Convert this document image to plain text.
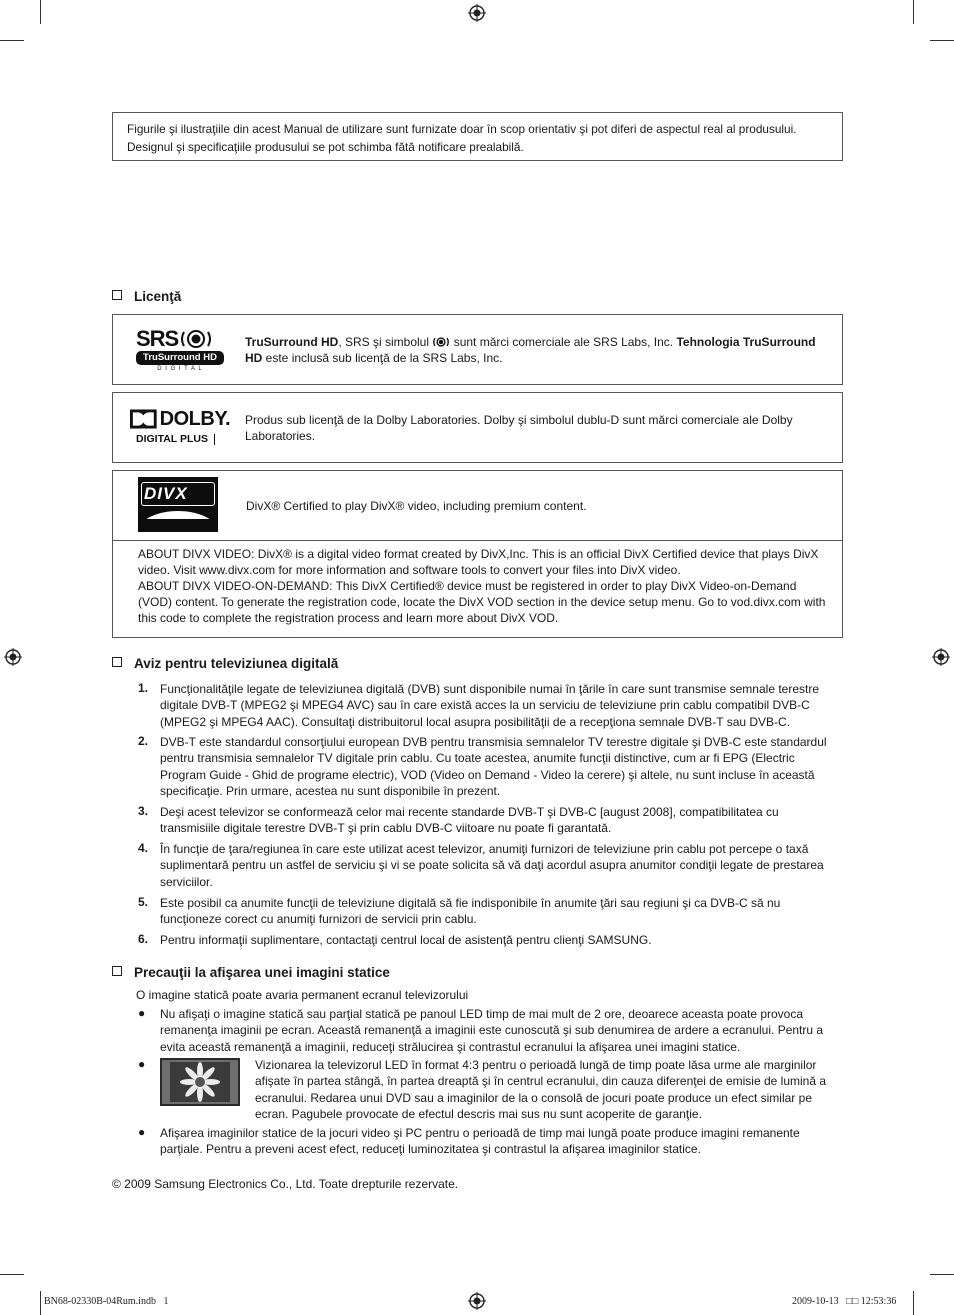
Figurile şi ilustraţiile din acest Manual de utilizare sunt furnizate doar în scop orientativ şi pot diferi de aspectul real al produsului.
Designul şi specificaţiile produsului se pot schimba fătă notificare prealabilă.
Licenţă
SRS
TruSurround HD
D I G I T A L
TruSurround HD, SRS şi simbolul  sunt mărci comerciale ale SRS Labs, Inc. Tehnologia TruSurround HD este inclusă sub licenţă de la SRS Labs, Inc.
DOLBY.
DIGITAL PLUS
Produs sub licenţă de la Dolby Laboratories. Dolby şi simbolul dublu-D sunt mărci comerciale ale Dolby Laboratories.
DIVX
DivX® Certified to play DivX® video, including premium content.
ABOUT DIVX VIDEO: DivX® is a digital video format created by DivX,Inc. This is an official DivX Certified device that plays DivX video. Visit www.divx.com for more information and software tools to convert your files into DivX video.
ABOUT DIVX VIDEO-ON-DEMAND: This DivX Certified® device must be registered in order to play DivX Video-on-Demand (VOD) content. To generate the registration code, locate the DivX VOD section in the device setup menu. Go to vod.divx.com with this code to complete the registration process and learn more about DivX VOD.
Aviz pentru televiziunea digitală
1. Funcţionalităţile legate de televiziunea digitală (DVB) sunt disponibile numai în ţările în care sunt transmise semnale terestre digitale DVB-T (MPEG2 şi MPEG4 AVC) sau în care există acces la un serviciu de televiziune prin cablu compatibil DVB-C (MPEG2 şi MPEG4 AAC). Consultaţi distribuitorul local asupra posibilităţii de a recepţiona semnale DVB-T sau DVB-C.
2. DVB-T este standardul consorţiului european DVB pentru transmisia semnalelor TV terestre digitale şi DVB-C este standardul pentru transmisia semnalelor TV digitale prin cablu. Cu toate acestea, anumite funcţii distinctive, cum ar fi EPG (Electric Program Guide - Ghid de programe electric), VOD (Video on Demand - Video la cerere) şi altele, nu sunt incluse în această specificaţie. Prin urmare, acestea nu sunt disponibile în prezent.
3. Deşi acest televizor se conformează celor mai recente standarde DVB-T şi DVB-C [august 2008], compatibilitatea cu transmisiile digitale terestre DVB-T şi prin cablu DVB-C viitoare nu poate fi garantată.
4. În funcţie de ţara/regiunea în care este utilizat acest televizor, anumiţi furnizori de televiziune prin cablu pot percepe o taxă suplimentară pentru un astfel de serviciu şi vi se poate solicita să vă daţi acordul asupra anumitor condiţii legate de prestarea serviciilor.
5. Este posibil ca anumite funcţii de televiziune digitală să fie indisponibile în anumite ţări sau regiuni şi ca DVB-C să nu funcţioneze corect cu anumiţi furnizori de servicii prin cablu.
6. Pentru informaţii suplimentare, contactaţi centrul local de asistenţă pentru clienţi SAMSUNG.
Precauţii la afişarea unei imagini statice
O imagine statică poate avaria permanent ecranul televizorului
● Nu afişaţi o imagine statică sau parţial statică pe panoul LED timp de mai mult de 2 ore, deoarece aceasta poate provoca remanenţa imaginii pe ecran. Această remanenţă a imaginii este cunoscută şi sub denumirea de ardere a ecranului. Pentru a evita această remanenţă a imaginii, reduceţi strălucirea şi contrastul ecranului la afişarea unei imagini statice.
●	Vizionarea la televizorul LED în format 4:3 pentru o perioadă lungă de timp poate lăsa urme ale marginilor afişate în partea stângă, în partea dreaptă şi în centrul ecranului, din cauza diferenţei de emisie de lumină a ecranului. Redarea unui DVD sau a imaginilor de la o consolă de jocuri poate produce un efect similar pe ecran. Pagubele provocate de efectul descris mai sus nu sunt acoperite de garanţie.
● Afişarea imaginilor statice de la jocuri video şi PC pentru o perioadă de timp mai lungă poate produce imagini remanente parţiale. Pentru a preveni acest efect, reduceţi luminozitatea şi contrastul la afişarea imaginilor statice.
© 2009 Samsung Electronics Co., Ltd. Toate drepturile rezervate.
BN68-02330B-04Rum.indb 1	2009-10-13 □□ 12:53:36
